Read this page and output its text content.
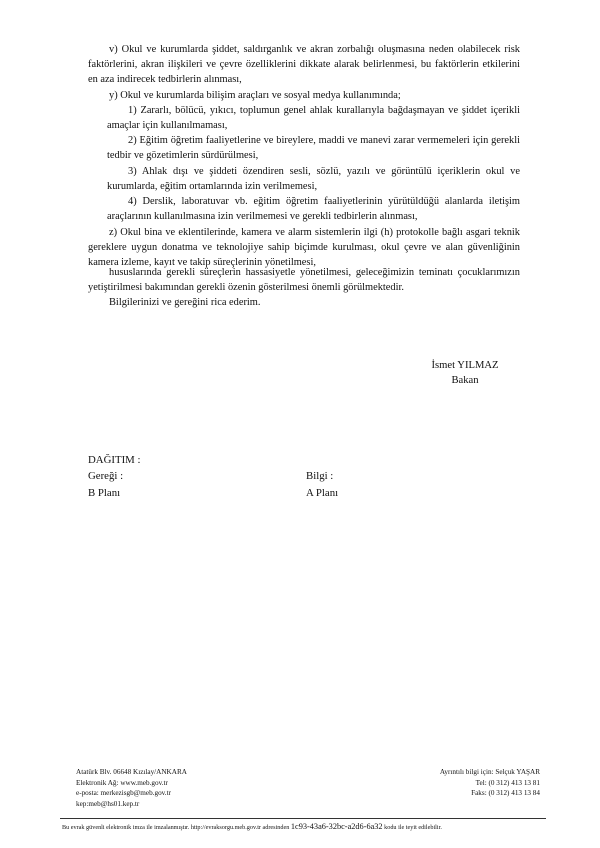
v) Okul ve kurumlarda şiddet, saldırganlık ve akran zorbalığı oluşmasına neden olabilecek risk faktörlerini, akran ilişkileri ve çevre özelliklerini dikkate alarak belirlenmesi, bu faktörlerin etkilerini en aza indirecek tedbirlerin alınması,
y) Okul ve kurumlarda bilişim araçları ve sosyal medya kullanımında;
1) Zararlı, bölücü, yıkıcı, toplumun genel ahlak kurallarıyla bağdaşmayan ve şiddet içerikli amaçlar için kullanılmaması,
2) Eğitim öğretim faaliyetlerine ve bireylere, maddi ve manevi zarar vermemeleri için gerekli tedbir ve gözetimlerin sürdürülmesi,
3) Ahlak dışı ve şiddeti özendiren sesli, sözlü, yazılı ve görüntülü içeriklerin okul ve kurumlarda, eğitim ortamlarında izin verilmemesi,
4) Derslik, laboratuvar vb. eğitim öğretim faaliyetlerinin yürütüldüğü alanlarda iletişim araçlarının kullanılmasına izin verilmemesi ve gerekli tedbirlerin alınması,
z) Okul bina ve eklentilerinde, kamera ve alarm sistemlerin ilgi (h) protokolle bağlı asgari teknik gereklere uygun donatma ve teknolojiye sahip biçimde kurulması, okul çevre ve alan güvenliğinin kamera izleme, kayıt ve takip süreçlerinin yönetilmesi,
hususlarında gerekli süreçlerin hassasiyetle yönetilmesi, geleceğimizin teminatı çocuklarımızın yetiştirilmesi bakımından gerekli özenin gösterilmesi önemli görülmektedir.
Bilgilerinizi ve gereğini rica ederim.
İsmet YILMAZ
Bakan
DAĞITIM :
Gereği :
B Planı
Bilgi :
A Planı
Atatürk Blv. 06648 Kızılay/ANKARA
Elektronik Ağ: www.meb.gov.tr
e-posta: merkezisgb@meb.gov.tr
kep:meb@hs01.kep.tr
Ayrıntılı bilgi için: Selçuk YAŞAR
Tel: (0 312) 413 13 81
Faks: (0 312) 413 13 84
Bu evrak güvenli elektronik imza ile imzalanmıştır. http://evraksorgu.meb.gov.tr adresinden 1c93-43a6-32bc-a2d6-6a32 kodu ile teyit edilebilir.
